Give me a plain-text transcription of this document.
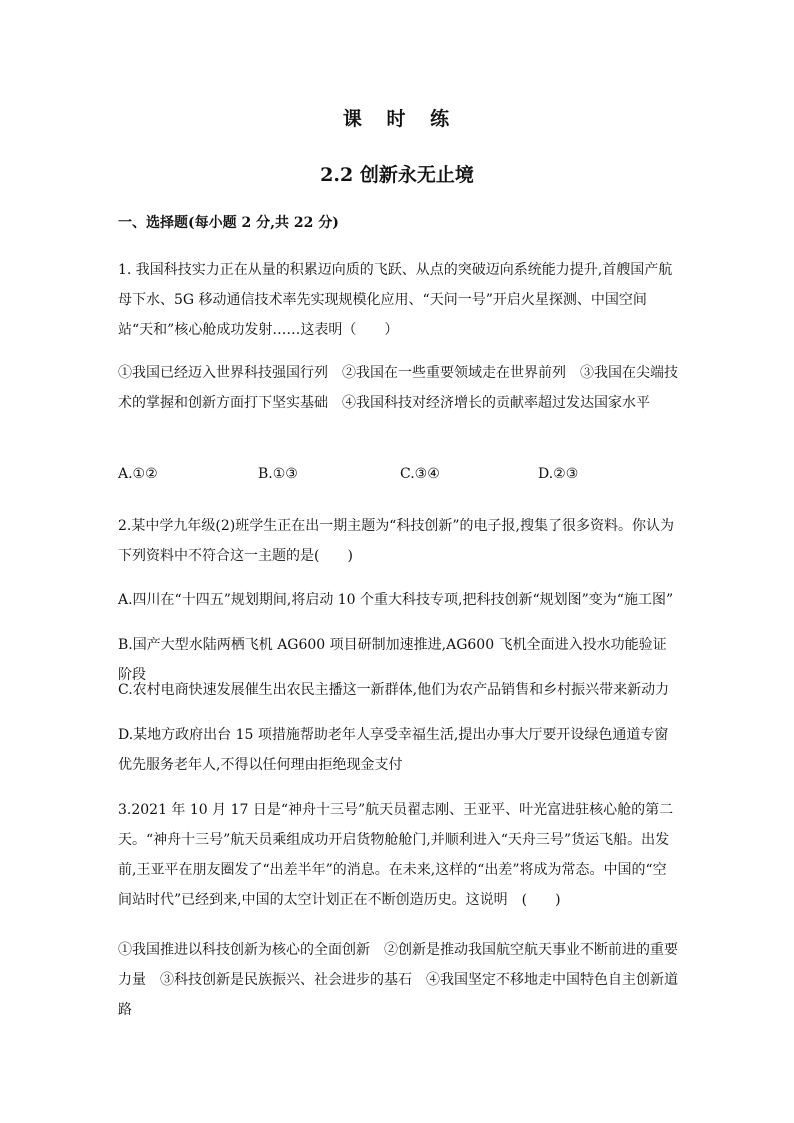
课 时 练
2.2 创新永无止境
一、选择题(每小题 2 分,共 22 分)
1. 我国科技实力正在从量的积累迈向质的飞跃、从点的突破迈向系统能力提升,首艘国产航母下水、5G 移动通信技术率先实现规模化应用、“天问一号”开启火星探测、中国空间站“天和”核心舱成功发射……这表明（　　）
①我国已经迈入世界科技强国行列　②我国在一些重要领域走在世界前列　③我国在尖端技术的掌握和创新方面打下坚实基础　④我国科技对经济增长的贡献率超过发达国家水平
A.①②	B.①③	C.③④	D.②③
2.某中学九年级(2)班学生正在出一期主题为“科技创新”的电子报,搜集了很多资料。你认为下列资料中不符合这一主题的是(　　)
A.四川在“十四五”规划期间,将启动 10 个重大科技专项,把科技创新“规划图”变为“施工图”
B.国产大型水陆两栖飞机 AG600 项目研制加速推进,AG600 飞机全面进入投水功能验证阶段
C.农村电商快速发展催生出农民主播这一新群体,他们为农产品销售和乡村振兴带来新动力
D.某地方政府出台 15 项措施帮助老年人享受幸福生活,提出办事大厅要开设绿色通道专窗优先服务老年人,不得以任何理由拒绝现金支付
3.2021 年 10 月 17 日是“神舟十三号”航天员翟志刚、王亚平、叶光富进驻核心舱的第二天。“神舟十三号”航天员乘组成功开启货物舱舱门,并顺利进入“天舟三号”货运飞船。出发前,王亚平在朋友圈发了“出差半年”的消息。在未来,这样的“出差”将成为常态。中国的“空间站时代”已经到来,中国的太空计划正在不断创造历史。这说明　(　　)
①我国推进以科技创新为核心的全面创新　②创新是推动我国航空航天事业不断前进的重要力量　③科技创新是民族振兴、社会进步的基石　④我国坚定不移地走中国特色自主创新道路
